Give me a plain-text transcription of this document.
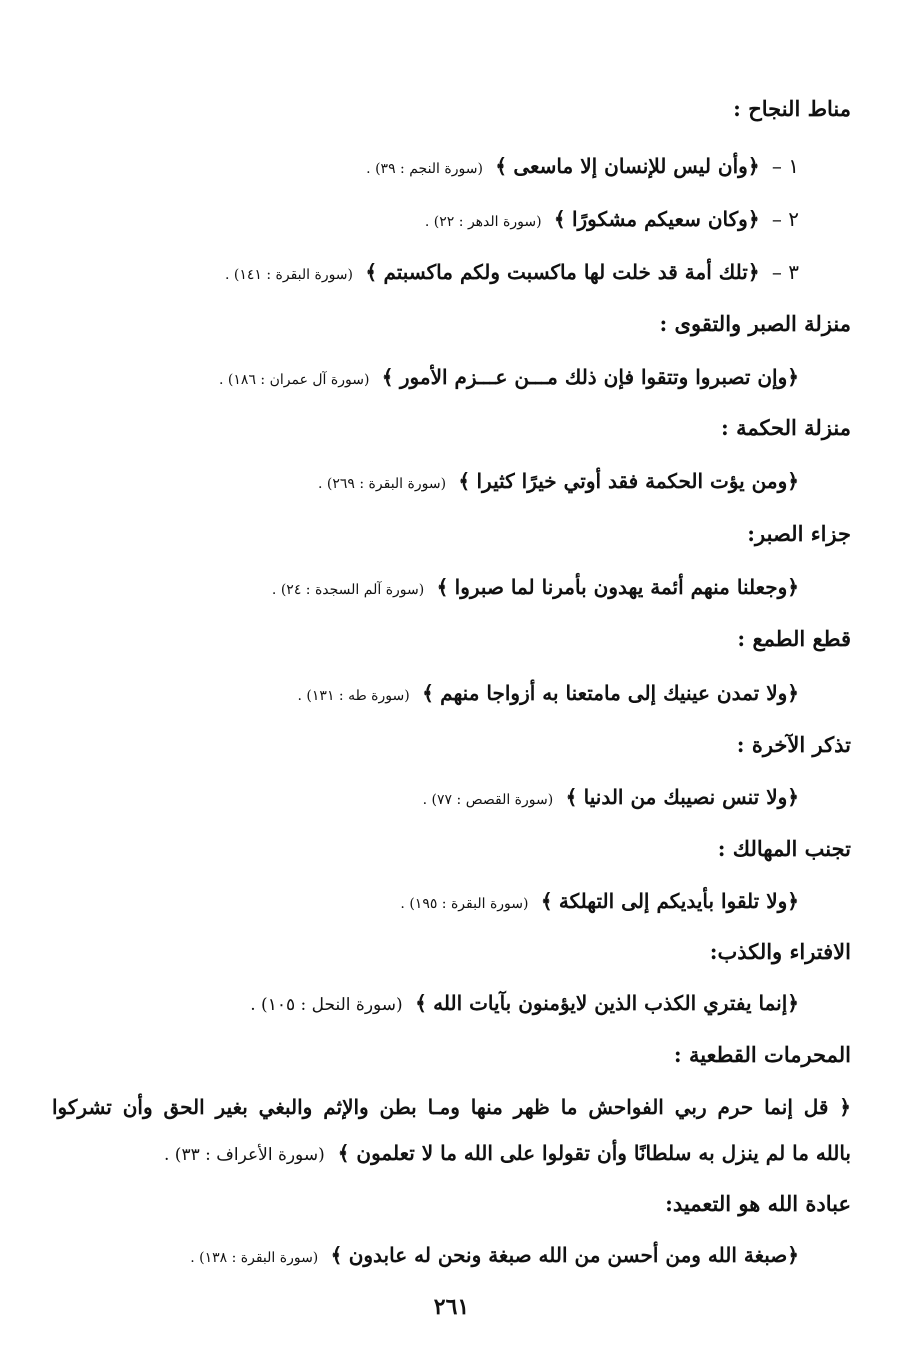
مناط النجاح :
١ – ﴿وأن ليس للإنسان إلا ماسعى ﴾ (سورة النجم : ٣٩) .
٢ – ﴿وكان سعيكم مشكورًا ﴾ (سورة الدهر : ٢٢) .
٣ – ﴿تلك أمة قد خلت لها ماكسبت ولكم ماكسبتم ﴾ (سورة البقرة : ١٤١) .
منزلة الصبر والتقوى :
﴿وإن تصبروا وتتقوا فإن ذلك مـــن عـــزم الأمور ﴾ (سورة آل عمران : ١٨٦) .
منزلة الحكمة :
﴿ومن يؤت الحكمة فقد أوتي خيرًا كثيرا ﴾ (سورة البقرة : ٢٦٩) .
جزاء الصبر:
﴿وجعلنا منهم أئمة يهدون بأمرنا لما صبروا ﴾ (سورة آلم السجدة : ٢٤) .
قطع الطمع :
﴿ولا تمدن عينيك إلى مامتعنا به أزواجا منهم ﴾ (سورة طه : ١٣١) .
تذكر الآخرة :
﴿ولا تنس نصيبك من الدنيا ﴾ (سورة القصص : ٧٧) .
تجنب المهالك :
﴿ولا تلقوا بأيديكم إلى التهلكة ﴾ (سورة البقرة : ١٩٥) .
الافتراء والكذب:
﴿إنما يفتري الكذب الذين لايؤمنون بآيات الله ﴾ (سورة النحل : ١٠٥) .
المحرمات القطعية :
﴿ قل إنما حرم ربي الفواحش ما ظهر منها ومـا بطن والإثم والبغي بغير الحق وأن تشركوا
بالله ما لم ينزل به سلطانًا وأن تقولوا على الله ما لا تعلمون ﴾ (سورة الأعراف : ٣٣) .
عبادة الله هو التعميد:
﴿صبغة الله ومن أحسن من الله صبغة ونحن له عابدون ﴾ (سورة البقرة : ١٣٨) .
٢٦١
